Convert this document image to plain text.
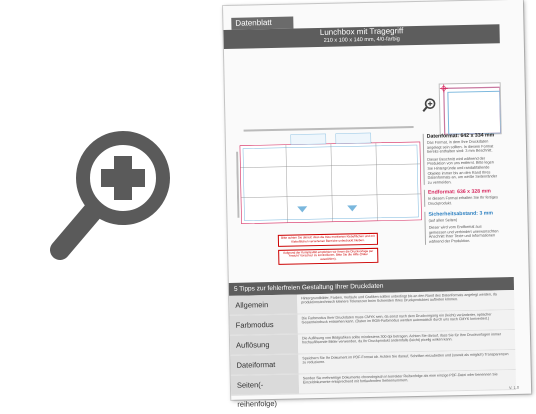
Datenblatt
Lunchbox mit Tragegriff
210 x 100 x 140 mm, 4/0-farbig
Bitte achten Sie darauf, dass die blau markierten Klebeflächen und mit Klebeflächen versehenen Bereiche unbedruckt bleiben.
Aufgrund der Komplexität empfehlen wir Ihnen die Druckvorlage per Ansicht 'Vorschau' zu kontrollieren. Bitte Sie die Hilfe (Datei auswählen).

Datenformat: 642 x 334 mm

Das Format, in dem Ihre Druckdaten angelegt sein sollten. In diesem Format bereits enthalten sind: 3 mm Beschnitt.

Dieser Beschnitt wird während der Produktion von uns entfernt. Bitte legen Sie Hintergründe und randabfallende Objekte immer bis an den Rand Ihres Datenformats an, um weiße Seitenränder zu vermeiden.

Endformat: 636 x 328 mm

In diesem Format erhalten Sie Ihr fertiges Druckprodukt.

Sicherheitsabstand: 3 mm

(auf allen Seiten)

Dieser wird vom Endformat aus gemessen und verhindert unerwünschten Anschnitt Ihrer Texte und Informationen während der Produktion.

5 Tipps zur fehlerfreien Gestaltung Ihrer Druckdaten
Allgemein
Hintergrundbilder, Farben, Verläufe und Grafiken sollten unbedingt bis an den Rand des Datenformats angelegt werden, da produktionstechnisch kleinere Toleranzen beim Schneiden Ihres Druckproduktes auftreten können.
Farbmodus
Die Farbmodus Ihrer Druckdaten muss CMYK sein, da sonst nach dem Druckvorgang ein (leicht) veränderter, optischer Gesamteindruck entstehen kann. (Daten im RGB-Farbmodus werden automatisch durch uns nach CMYK konvertiert.)
Auflösung
Die Auflösung von Bildgrafiken sollte mindestens 300 dpi betragen. Achten Sie darauf, dass Sie für Ihre Druckvorlagen immer hochauflösende Bilder verwenden, da Ihr Druckprodukt andernfalls (leicht) pixelig wirken kann.
Dateiformat
Speichern Sie Ihr Dokument im PDF-Format ab. Achten Sie darauf, Schriften einzubetten und (soweit als möglich) Transparenzen zu reduzieren.
Seiten(-reihenfolge)
Senden Sie mehrseitige Dokumente chronologisch in korrekter Reihenfolge als eine einzige PDF-Datei oder benennen Sie Einzeldokumente entsprechend mit fortlaufenden Seitennummern.
V. 1.0
